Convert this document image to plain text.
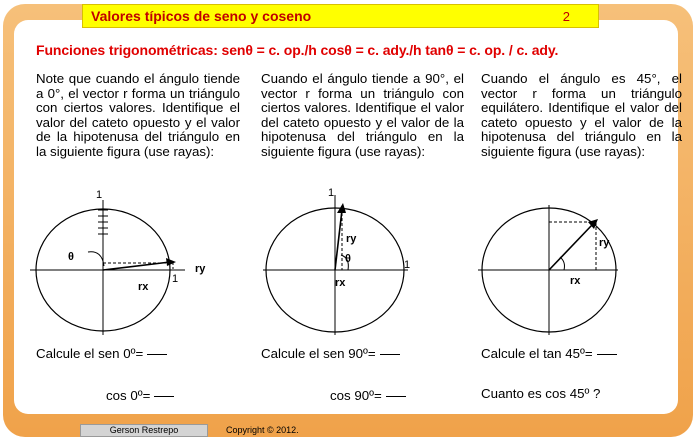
Valores típicos de seno y coseno	2
Funciones trigonométricas: senθ = c. op./h cosθ = c. ady./h tanθ = c. op. / c. ady.
Note que cuando el ángulo tiende a 0°, el vector r forma un triángulo con ciertos valores. Identifique el valor del cateto opuesto y el valor de la hipotenusa del triángulo en la siguiente figura (use rayas):
θ
rx
ry
1
1
Calcule el sen 0º=
cos 0º=
Cuando el ángulo tiende a 90°, el vector r forma un triángulo con ciertos valores. Identifique el valor del cateto opuesto y el valor de la hipotenusa del triángulo en la siguiente figura (use rayas):
ry
θ
rx
1
1
Calcule el sen 90º=
cos 90º=
Cuando el ángulo es 45°, el vector r forma un triángulo equilátero. Identifique el valor del cateto opuesto y el valor de la hipotenusa del triángulo en la siguiente figura (use rayas):
ry
rx
Calcule el tan 45º=
Cuanto es cos 45º ?
Gerson Restrepo	Copyright © 2012.
